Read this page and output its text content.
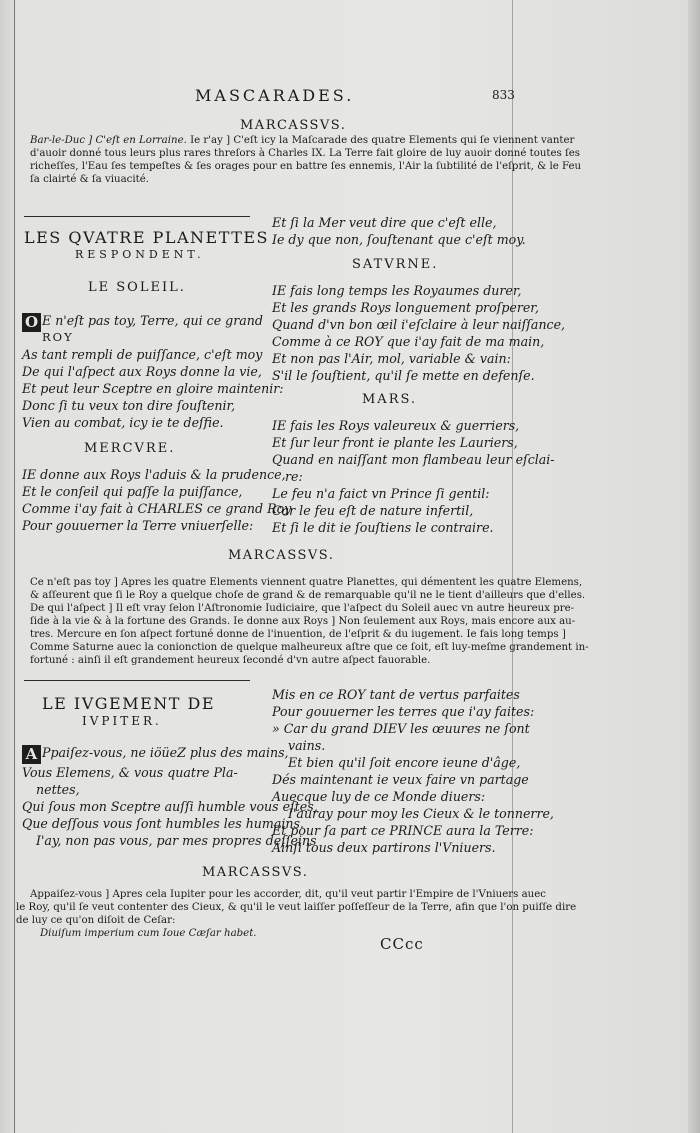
MASCARADES.	833
MARCASSVS.
Bar-le-Duc ] C'eſt en Lorraine. Ie r'ay ] C'eſt icy la Maſcarade des quatre Elements qui ſe viennent vanter
d'auoir donné tous leurs plus rares threſors à Charles IX. La Terre fait gloire de luy auoir donné toutes ſes
richeſſes, l'Eau ſes tempeſtes & ſes orages pour en battre ſes ennemis, l'Air la ſubtilité de l'eſprit, & le Feu
ſa clairté & ſa viuacité.
LES QVATRE PLANETTES
RESPONDENT.
LE SOLEIL.
O E n'eſt pas toy, Terre, qui ce grand
ROY
As tant rempli de puiſſance, c'eſt moy
De qui l'aſpect aux Roys donne la vie,
Et peut leur Sceptre en gloire maintenir:
Donc ſi tu veux ton dire ſouſtenir,
Vien au combat, icy ie te deſfie.
MERCVRE.
IE donne aux Roys l'aduis & la prudence,
Et le conſeil qui paſſe la puiſſance,
Comme i'ay fait à CHARLES ce grand Roy
Pour gouuerner la Terre vniuerſelle:
Et ſi la Mer veut dire que c'eſt elle,
Ie dy que non, ſouſtenant que c'eſt moy.
SATVRNE.
IE fais long temps les Royaumes durer,
Et les grands Roys longuement proſperer,
Quand d'vn bon œil i'eſclaire à leur naiſſance,
Comme à ce ROY que i'ay fait de ma main,
Et non pas l'Air, mol, variable & vain:
S'il le ſouſtient, qu'il ſe mette en defenſe.
MARS.
IE fais les Roys valeureux & guerriers,
Et ſur leur front ie plante les Lauriers,
Quand en naiſſant mon flambeau leur eſclai-
re:
Le feu n'a faict vn Prince ſi gentil:
Car le feu eſt de nature infertil,
Et ſi le dit ie ſouſtiens le contraire.
MARCASSVS.
Ce n'eſt pas toy ] Apres les quatre Elements viennent quatre Planettes, qui démentent les quatre Elemens,
& aſſeurent que ſi le Roy a quelque choſe de grand & de remarquable qu'il ne le tient d'ailleurs que d'elles.
De qui l'aſpect ] Il eſt vray ſelon l'Aſtronomie Iudiciaire, que l'aſpect du Soleil auec vn autre heureux pre-
ſide à la vie & à la fortune des Grands. Ie donne aux Roys ] Non ſeulement aux Roys, mais encore aux au-
tres. Mercure en ſon aſpect fortuné donne de l'inuention, de l'eſprit & du iugement. Ie fais long temps ]
Comme Saturne auec la conionction de quelque malheureux aſtre que ce ſoit, eſt luy-meſme grandement in-
fortuné : ainſi il eſt grandement heureux ſecondé d'vn autre aſpect fauorable.
LE IVGEMENT DE
IVPITER.
A Ppaiſez-vous, ne iöüeZ plus des mains,
Vous Elemens, & vous quatre Pla-
nettes,
Qui ſous mon Sceptre auſſi humble vous eſtes,
Que deſſous vous ſont humbles les humains.
I'ay, non pas vous, par mes propres deſſeins
Mis en ce ROY tant de vertus parfaites
Pour gouuerner les terres que i'ay faites:
» Car du grand DIEV les œuures ne ſont
vains.
Et bien qu'il ſoit encore ieune d'âge,
Dés maintenant ie veux faire vn partage
Auecque luy de ce Monde diuers:
I'auray pour moy les Cieux & le tonnerre,
Et pour ſa part ce PRINCE aura la Terre:
Ainſi tous deux partirons l'Vniuers.
MARCASSVS.
Appaiſez-vous ] Apres cela Iupiter pour les accorder, dit, qu'il veut partir l'Empire de l'Vniuers auec
le Roy, qu'il ſe veut contenter des Cieux, & qu'il le veut laiſſer poſſeſſeur de la Terre, afin que l'on puiſſe dire
de luy ce qu'on diſoit de Ceſar:
Diuiſum imperium cum Ioue Cæſar habet.
CCcc
